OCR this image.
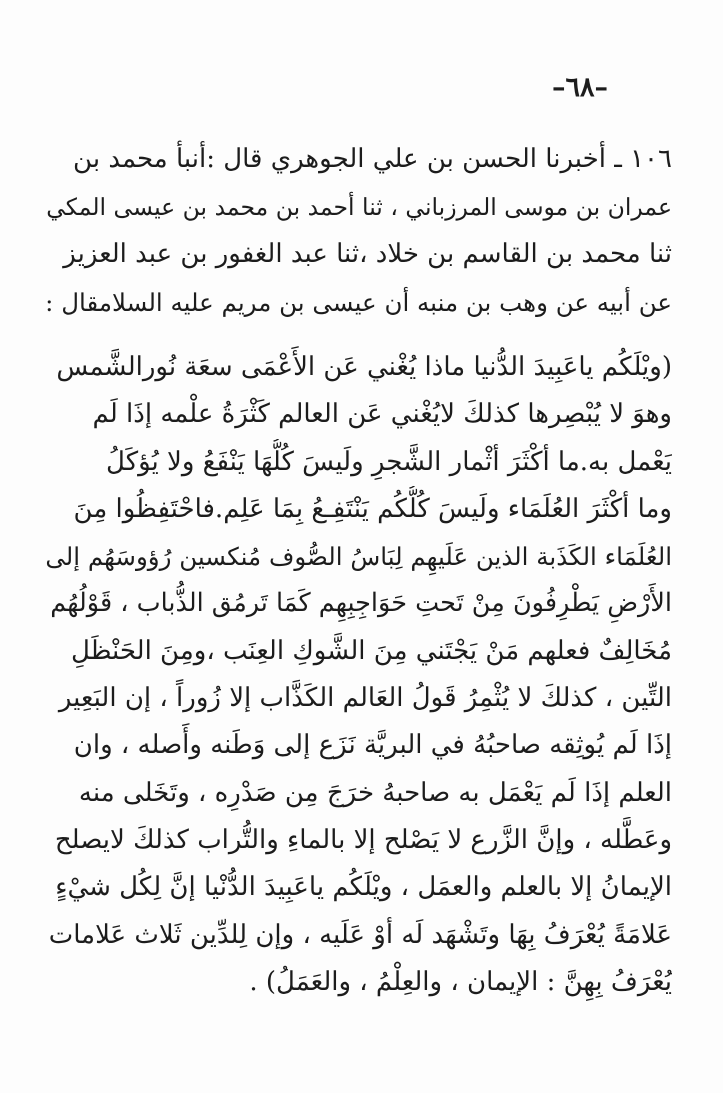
–٦٨–
١٠٦ ـ أخبرنا الحسن بن علي الجوهري قال :أنبأ محمد بن
عمران بن موسى المرزباني ، ثنا أحمد بن محمد بن عيسى المكي
ثنا محمد بن القاسم بن خلاد ،ثنا عبد الغفور بن عبد العزيز
عن أبيه عن وهب بن منبه أن عيسى بن مريم عليه السلامقال :
(ويْلَكُم ياعَبِيدَ الدُّنيا ماذا يُغْني عَن الأَعْمَى سعَة نُورالشَّمس
وهوَ لا يُبْصِرها كذلكَ لايُغْني عَن العالم كَثْرَةُ علْمه إذَا لَم
يَعْمل به.ما أكْثَرَ أثْمار الشَّجرِ ولَيسَ كُلُّهَا يَنْفَعُ ولا يُؤكَلُ
وما أكْثَرَ العُلَمَاء ولَيسَ كُلُّكُم يَنْتَفِـعُ بِمَا عَلِم.فاحْتَفِظُوا مِنَ
العُلَمَاء الكَذَبة الذين عَلَيهِم لِبَاسُ الصُّوف مُنكسين رُؤوسَهُم إلى
الأَرْضِ يَطْرِفُونَ مِنْ تَحتِ حَوَاجِبِهِم كَمَا تَرمُق الذُّباب ، قَوْلُهُم
مُخَالِفٌ فعلهم مَنْ يَجْتَني مِنَ الشَّوكِ العِنَب ،ومِنَ الحَنْظَلِ
التِّين ، كذلكَ لا يُثْمِرُ قَولُ العَالم الكَذَّاب إلا زُوراً ، إن البَعِير
إذَا لَم يُوثِقه صاحبُهُ في البريَّة نَزَع إلى وَطَنه وأَصله ، وان
العلم إذَا لَم يَعْمَل به صاحبهُ خرَجَ مِن صَدْرِه ، وتَخَلى منه
وعَطَّله ، وإنَّ الزَّرع لا يَصْلح إلا بالماءِ والتُّراب كذلكَ لايصلح
الإيمانُ إلا بالعلم والعمَل ، ويْلَكُم ياعَبِيدَ الدُّنْيا إنَّ لِكُل شيْءٍ
عَلامَةً يُعْرَفُ بِهَا وتَشْهَد لَه أوْ عَلَيه ، وإن لِلدِّين ثَلاث عَلامات
يُعْرَفُ بِهِنَّ : الإيمان ، والعِلْمُ ، والعَمَلُ) .
